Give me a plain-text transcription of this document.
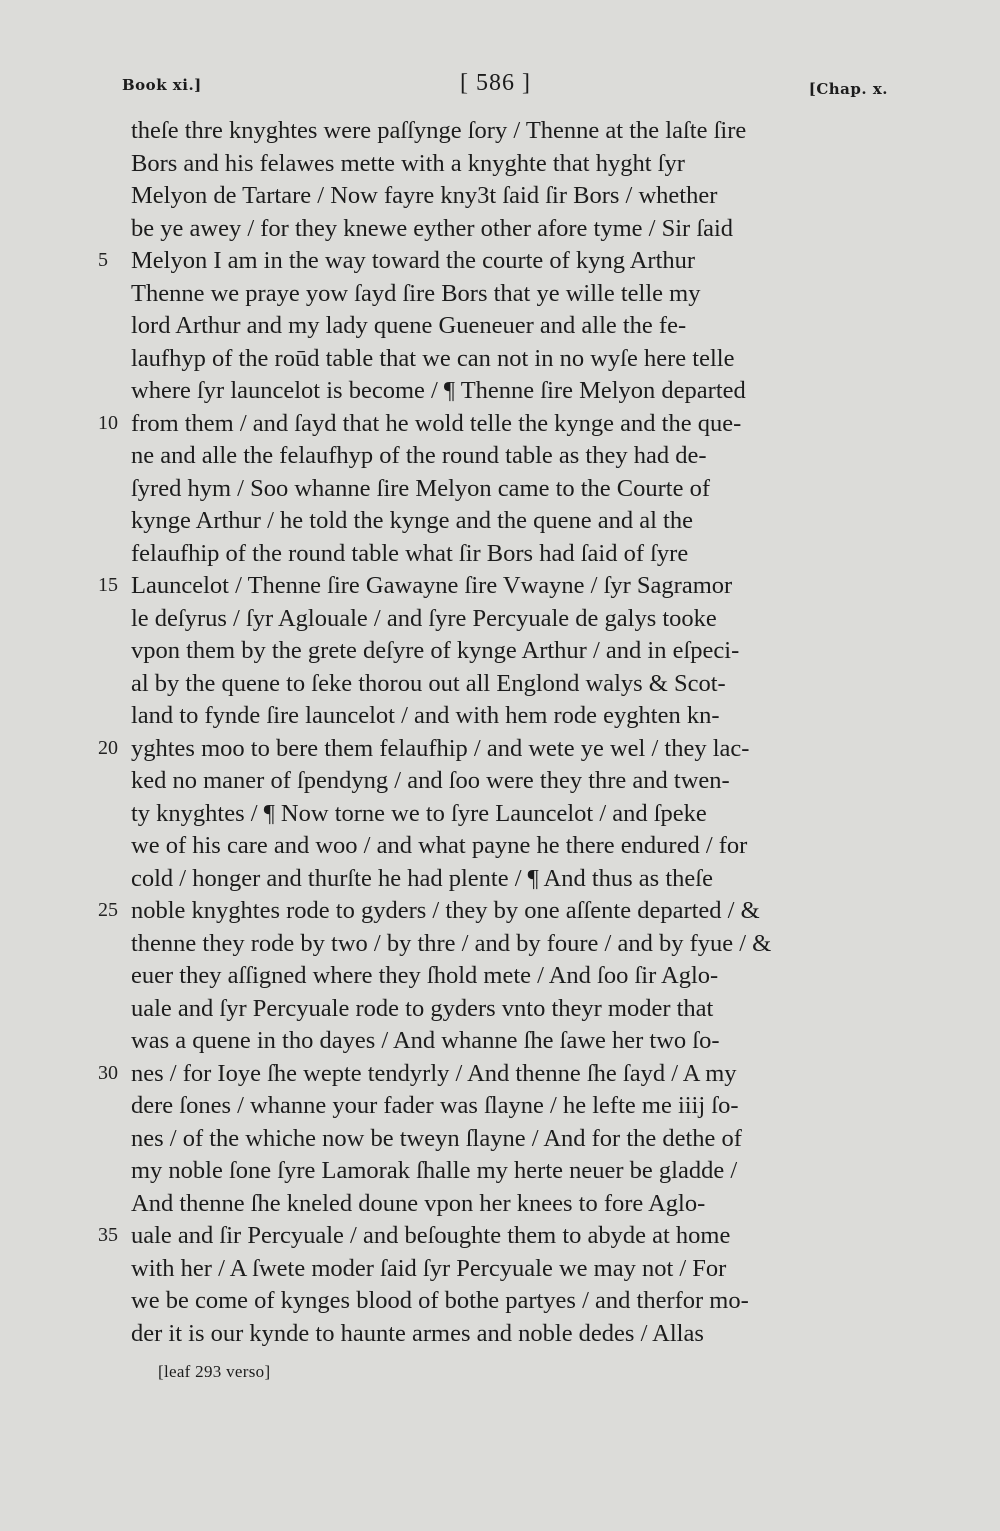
Book xi.]	[ 586 ]	[Chap. x.
theſe thre knyghtes were paſſynge ſory / Thenne at the laſte ſire
Bors and his felawes mette with a knyghte that hyght ſyr
Melyon de Tartare / Now fayre kny3t ſaid ſir Bors / whether
be ye awey / for they knewe eyther other afore tyme / Sir ſaid
5 Melyon I am in the way toward the courte of kyng Arthur
Thenne we praye yow ſayd ſire Bors that ye wille telle my
lord Arthur and my lady quene Gueneuer and alle the fe-
laufhyp of the roūd table that we can not in no wyſe here telle
where ſyr launcelot is become / ¶ Thenne ſire Melyon departed
10 from them / and ſayd that he wold telle the kynge and the que-
ne and alle the felaufhyp of the round table as they had de-
ſyred hym / Soo whanne ſire Melyon came to the Courte of
kynge Arthur / he told the kynge and the quene and al the
felaufhip of the round table what ſir Bors had ſaid of ſyre
15 Launcelot / Thenne ſire Gawayne ſire Vwayne / ſyr Sagramor
le deſyrus / ſyr Aglouale / and ſyre Percyuale de galys tooke
vpon them by the grete deſyre of kynge Arthur / and in eſpeci-
al by the quene to ſeke thorou out all Englond walys & Scot-
land to fynde ſire launcelot / and with hem rode eyghten kn-
20 yghtes moo to bere them felaufhip / and wete ye wel / they lac-
ked no maner of ſpendyng / and ſoo were they thre and twen-
ty knyghtes / ¶ Now torne we to ſyre Launcelot / and ſpeke
we of his care and woo / and what payne he there endured / for
cold / honger and thurſte he had plente / ¶ And thus as theſe
25 noble knyghtes rode to gyders / they by one aſſente departed / &
thenne they rode by two / by thre / and by foure / and by fyue / &
euer they aſſigned where they ſhold mete / And ſoo ſir Aglo-
uale and ſyr Percyuale rode to gyders vnto theyr moder that
was a quene in tho dayes / And whanne ſhe ſawe her two ſo-
30 nes / for Ioye ſhe wepte tendyrly / And thenne ſhe ſayd / A my
dere ſones / whanne your fader was ſlayne / he lefte me iiij ſo-
nes / of the whiche now be tweyn ſlayne / And for the dethe of
my noble ſone ſyre Lamorak ſhalle my herte neuer be gladde /
And thenne ſhe kneled doune vpon her knees to fore Aglo-
35 uale and ſir Percyuale / and beſoughte them to abyde at home
with her / A ſwete moder ſaid ſyr Percyuale we may not / For
we be come of kynges blood of bothe partyes / and therfor mo-
der it is our kynde to haunte armes and noble dedes / Allas
[leaf 293 verso]
